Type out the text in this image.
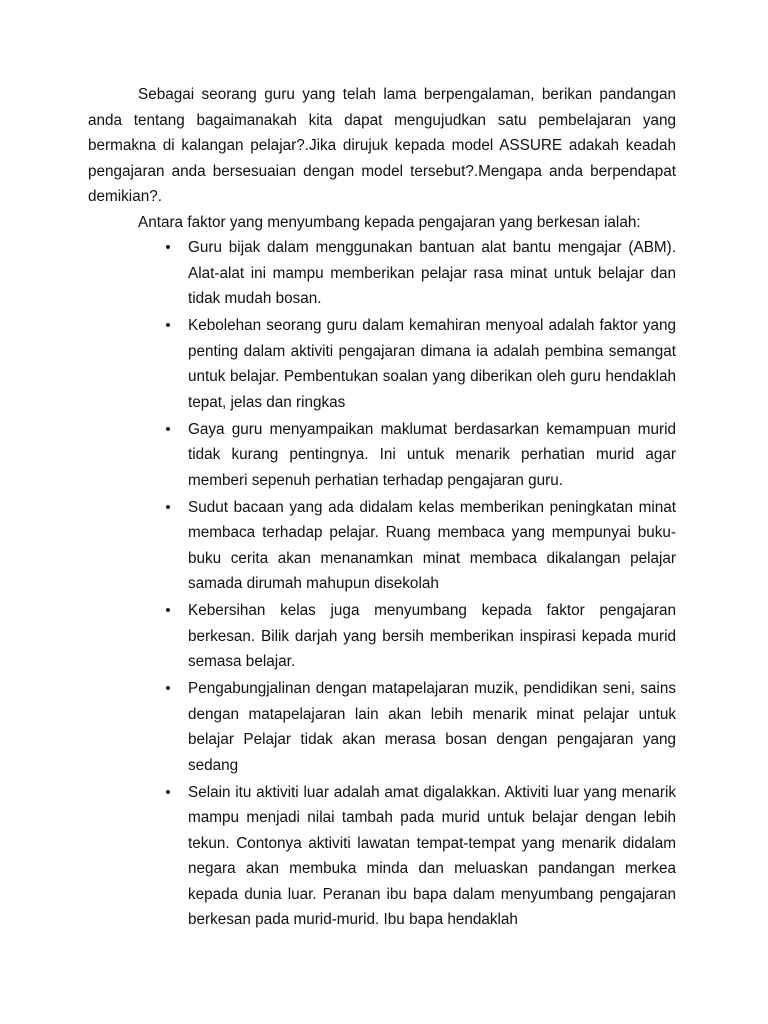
Sebagai seorang guru yang telah lama berpengalaman, berikan pandangan anda tentang bagaimanakah kita dapat mengujudkan satu pembelajaran yang bermakna di kalangan pelajar?.Jika dirujuk kepada model ASSURE adakah keadah pengajaran anda bersesuaian dengan model tersebut?.Mengapa anda berpendapat demikian?.

Antara faktor yang menyumbang kepada pengajaran yang berkesan ialah:

• Guru bijak dalam menggunakan bantuan alat bantu mengajar (ABM). Alat-alat ini mampu memberikan pelajar rasa minat untuk belajar dan tidak mudah bosan.
• Kebolehan seorang guru dalam kemahiran menyoal adalah faktor yang penting dalam aktiviti pengajaran dimana ia adalah pembina semangat untuk belajar. Pembentukan soalan yang diberikan oleh guru hendaklah tepat, jelas dan ringkas
• Gaya guru menyampaikan maklumat berdasarkan kemampuan murid tidak kurang pentingnya. Ini untuk menarik perhatian murid agar memberi sepenuh perhatian terhadap pengajaran guru.
• Sudut bacaan yang ada didalam kelas memberikan peningkatan minat membaca terhadap pelajar. Ruang membaca yang mempunyai buku-buku cerita akan menanamkan minat membaca dikalangan pelajar samada dirumah mahupun disekolah
• Kebersihan kelas juga menyumbang kepada faktor pengajaran berkesan. Bilik darjah yang bersih memberikan inspirasi kepada murid semasa belajar.
• Pengabungjalinan dengan matapelajaran muzik, pendidikan seni, sains dengan matapelajaran lain akan lebih menarik minat pelajar untuk belajar Pelajar tidak akan merasa bosan dengan pengajaran yang sedang
• Selain itu aktiviti luar adalah amat digalakkan. Aktiviti luar yang menarik mampu menjadi nilai tambah pada murid untuk belajar dengan lebih tekun. Contonya aktiviti lawatan tempat-tempat yang menarik didalam negara akan membuka minda dan meluaskan pandangan merkea kepada dunia luar. Peranan ibu bapa dalam menyumbang pengajaran berkesan pada murid-murid. Ibu bapa hendaklah
